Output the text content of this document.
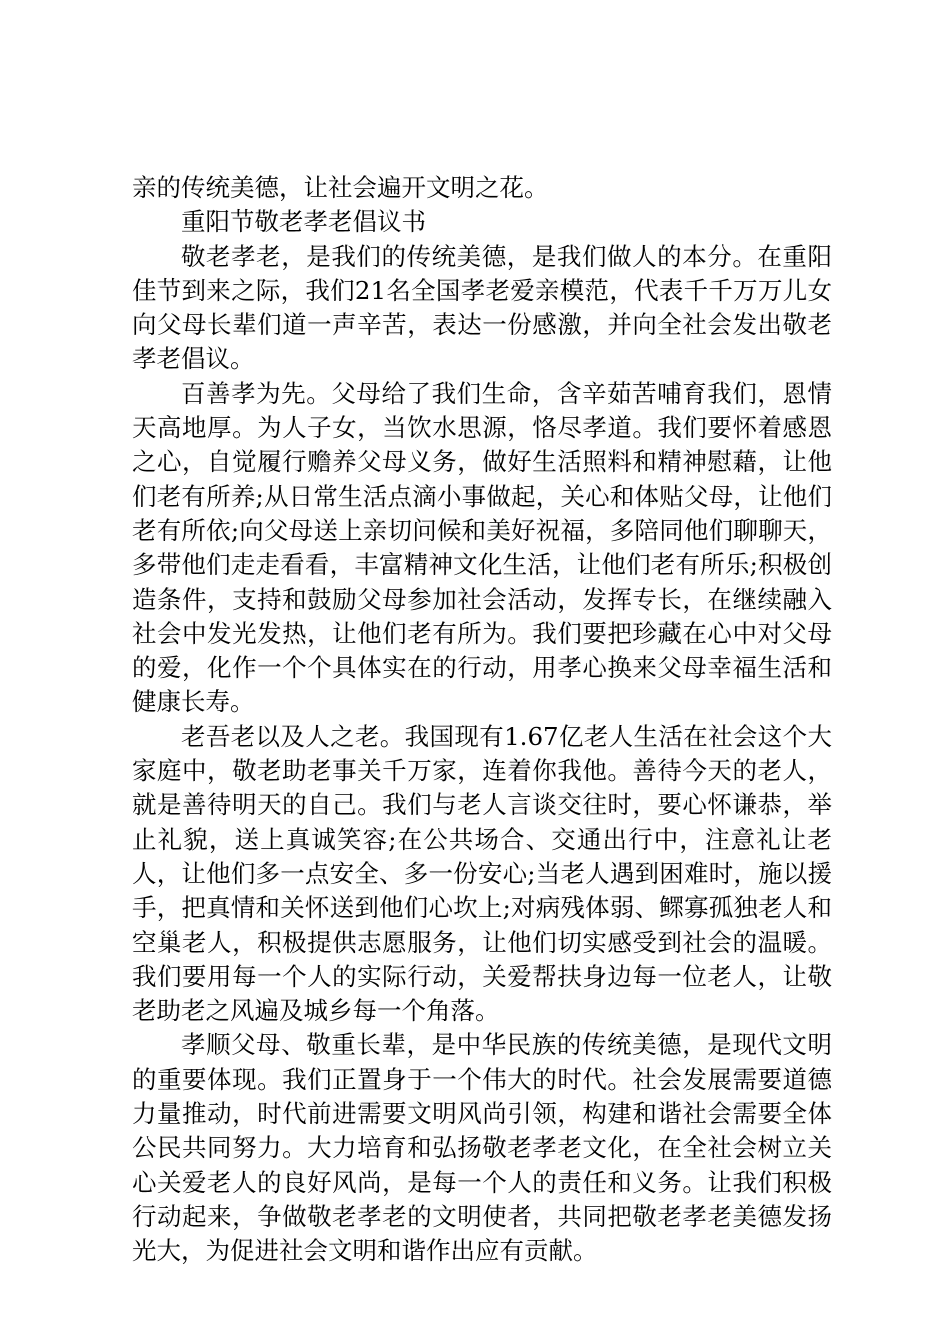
亲的传统美德，让社会遍开文明之花。

重阳节敬老孝老倡议书

敬老孝老，是我们的传统美德，是我们做人的本分。在重阳佳节到来之际，我们21名全国孝老爱亲模范，代表千千万万儿女向父母长辈们道一声辛苦，表达一份感激，并向全社会发出敬老孝老倡议。

百善孝为先。父母给了我们生命，含辛茹苦哺育我们，恩情天高地厚。为人子女，当饮水思源，恪尽孝道。我们要怀着感恩之心，自觉履行赡养父母义务，做好生活照料和精神慰藉，让他们老有所养;从日常生活点滴小事做起，关心和体贴父母，让他们老有所依;向父母送上亲切问候和美好祝福，多陪同他们聊聊天，多带他们走走看看，丰富精神文化生活，让他们老有所乐;积极创造条件，支持和鼓励父母参加社会活动，发挥专长，在继续融入社会中发光发热，让他们老有所为。我们要把珍藏在心中对父母的爱，化作一个个具体实在的行动，用孝心换来父母幸福生活和健康长寿。

老吾老以及人之老。我国现有1.67亿老人生活在社会这个大家庭中，敬老助老事关千万家，连着你我他。善待今天的老人，就是善待明天的自己。我们与老人言谈交往时，要心怀谦恭，举止礼貌，送上真诚笑容;在公共场合、交通出行中，注意礼让老人，让他们多一点安全、多一份安心;当老人遇到困难时，施以援手，把真情和关怀送到他们心坎上;对病残体弱、鳏寡孤独老人和空巢老人，积极提供志愿服务，让他们切实感受到社会的温暖。我们要用每一个人的实际行动，关爱帮扶身边每一位老人，让敬老助老之风遍及城乡每一个角落。

孝顺父母、敬重长辈，是中华民族的传统美德，是现代文明的重要体现。我们正置身于一个伟大的时代。社会发展需要道德力量推动，时代前进需要文明风尚引领，构建和谐社会需要全体公民共同努力。大力培育和弘扬敬老孝老文化，在全社会树立关心关爱老人的良好风尚，是每一个人的责任和义务。让我们积极行动起来，争做敬老孝老的文明使者，共同把敬老孝老美德发扬光大，为促进社会文明和谐作出应有贡献。
